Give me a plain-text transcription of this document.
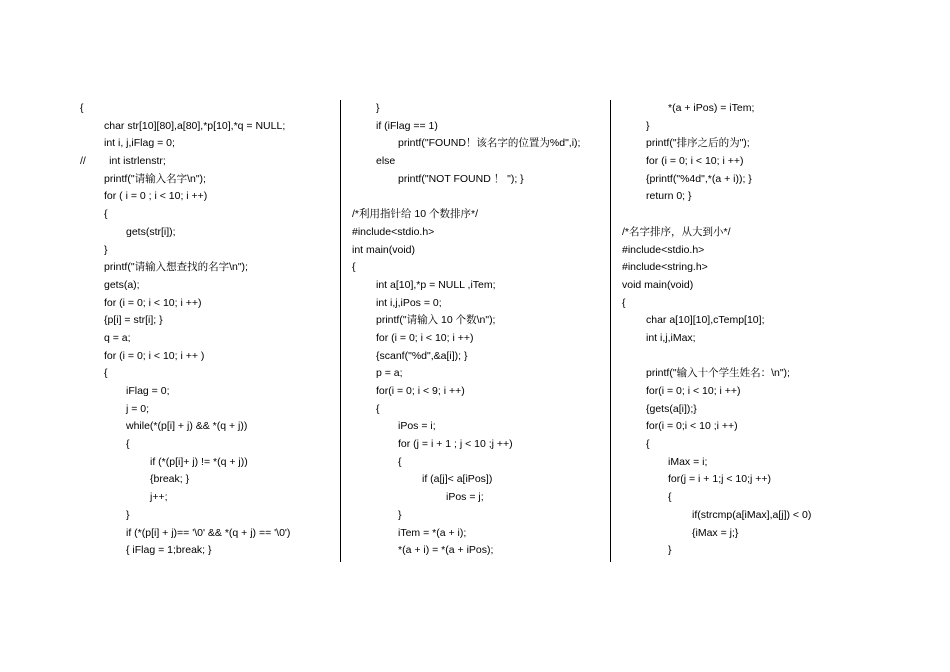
{
char str[10][80],a[80],*p[10],*q = NULL;
int i, j,iFlag = 0;
//        int istrlenstr;
printf("请输入名字\n");
for ( i = 0 ; i < 10; i ++)
{
gets(str[i]);
}
printf("请输入想查找的名字\n");
gets(a);
for (i = 0; i < 10; i ++)
{p[i] = str[i]; }
q = a;
for (i = 0; i < 10; i ++ )
{
iFlag = 0;
j = 0;
while(*(p[i] + j) && *(q + j))
{
if (*(p[i]+ j) != *(q + j))
{break; }
j++;
}
if (*(p[i] + j)== '\0' && *(q + j) == '\0')
{ iFlag = 1;break; }
}
if (iFlag == 1)
printf("FOUND！该名字的位置为%d",i);
else
printf("NOT FOUND ！ "); }
/*利用指针给 10 个数排序*/
#include<stdio.h>
int main(void)
{
int a[10],*p = NULL ,iTem;
int i,j,iPos = 0;
printf("请输入 10 个数\n");
for (i = 0; i < 10; i ++)
{scanf("%d",&a[i]); }
p = a;
for(i = 0; i < 9; i ++)
{
iPos = i;
for (j = i + 1 ; j < 10 ;j ++)
{
if (a[j]< a[iPos])
iPos = j;
}
iTem = *(a + i);
*(a + i) = *(a + iPos);
*(a + iPos) = iTem;
}
printf("排序之后的为");
for (i = 0; i < 10; i ++)
{printf("%4d",*(a + i)); }
return 0; }
/*名字排序，从大到小*/
#include<stdio.h>
#include<string.h>
void main(void)
{
char a[10][10],cTemp[10];
int i,j,iMax;
printf("输入十个学生姓名：\n");
for(i = 0; i < 10; i ++)
{gets(a[i]);}
for(i = 0;i < 10 ;i ++)
{
iMax = i;
for(j = i + 1;j < 10;j ++)
{
if(strcmp(a[iMax],a[j]) < 0)
{iMax = j;}
}
